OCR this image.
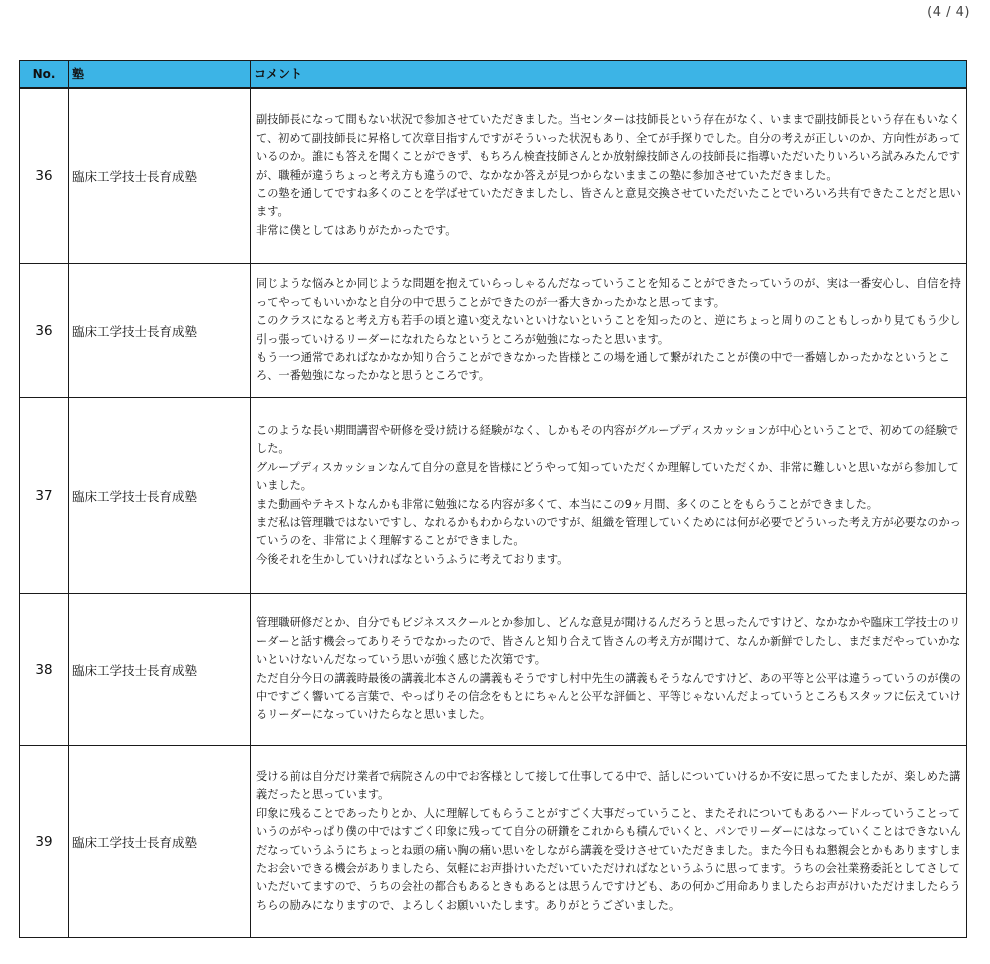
(4 / 4)
No.	塾	コメント
36	臨床工学技士長育成塾	副技師長になって間もない状況で参加させていただきました。当センターは技師長という存在がなく、いままで副技師長という存在もいなくて、初めて副技師長に昇格して次章目指すんですがそういった状況もあり、全てが手探りでした。自分の考えが正しいのか、方向性があっているのか。誰にも答えを聞くことができず、もちろん検査技師さんとか放射線技師さんの技師長に指導いただいたりいろいろ試みみたんですが、職種が違うちょっと考え方も違うので、なかなか答えが見つからないままこの塾に参加させていただきました。
この塾を通してですね多くのことを学ばせていただきましたし、皆さんと意見交換させていただいたことでいろいろ共有できたことだと思います。
非常に僕としてはありがたかったです。

36	臨床工学技士長育成塾	同じような悩みとか同じような問題を抱えていらっしゃるんだなっていうことを知ることができたっていうのが、実は一番安心し、自信を持ってやってもいいかなと自分の中で思うことができたのが一番大きかったかなと思ってます。
このクラスになると考え方も若手の頃と違い変えないといけないということを知ったのと、逆にちょっと周りのこともしっかり見てもう少し引っ張っていけるリーダーになれたらなというところが勉強になったと思います。
もう一つ通常であればなかなか知り合うことができなかった皆様とこの場を通して繋がれたことが僕の中で一番嬉しかったかなというところ、一番勉強になったかなと思うところです。

37	臨床工学技士長育成塾	このような長い期間講習や研修を受け続ける経験がなく、しかもその内容がグループディスカッションが中心ということで、初めての経験でした。
グループディスカッションなんて自分の意見を皆様にどうやって知っていただくか理解していただくか、非常に難しいと思いながら参加していました。
また動画やテキストなんかも非常に勉強になる内容が多くて、本当にこの9ヶ月間、多くのことをもらうことができました。
まだ私は管理職ではないですし、なれるかもわからないのですが、組織を管理していくためには何が必要でどういった考え方が必要なのかっていうのを、非常によく理解することができました。
今後それを生かしていければなというふうに考えております。

38	臨床工学技士長育成塾	管理職研修だとか、自分でもビジネススクールとか参加し、どんな意見が聞けるんだろうと思ったんですけど、なかなかや臨床工学技士のリーダーと話す機会ってありそうでなかったので、皆さんと知り合えて皆さんの考え方が聞けて、なんか新鮮でしたし、まだまだやっていかないといけないんだなっていう思いが強く感じた次第です。
ただ自分今日の講義時最後の講義北本さんの講義もそうですし村中先生の講義もそうなんですけど、あの平等と公平は違うっていうのが僕の中ですごく響いてる言葉で、やっぱりその信念をもとにちゃんと公平な評価と、平等じゃないんだよっていうところもスタッフに伝えていけるリーダーになっていけたらなと思いました。

39	臨床工学技士長育成塾	受ける前は自分だけ業者で病院さんの中でお客様として接して仕事してる中で、話しについていけるか不安に思ってたましたが、楽しめた講義だったと思っています。
印象に残ることであったりとか、人に理解してもらうことがすごく大事だっていうこと、またそれについてもあるハードルっていうことっていうのがやっぱり僕の中ではすごく印象に残ってて自分の研鑽をこれからも積んでいくと、パンでリーダーにはなっていくことはできないんだなっていうふうにちょっとね頭の痛い胸の痛い思いをしながら講義を受けさせていただきました。また今日もね懇親会とかもありますしまたお会いできる機会がありましたら、気軽にお声掛けいただいていただければなというふうに思ってます。うちの会社業務委託としてさしていただいてますので、うちの会社の都合もあるときもあるとは思うんですけども、あの何かご用命ありましたらお声がけいただけましたらうちらの励みになりますので、よろしくお願いいたします。ありがとうございました。
